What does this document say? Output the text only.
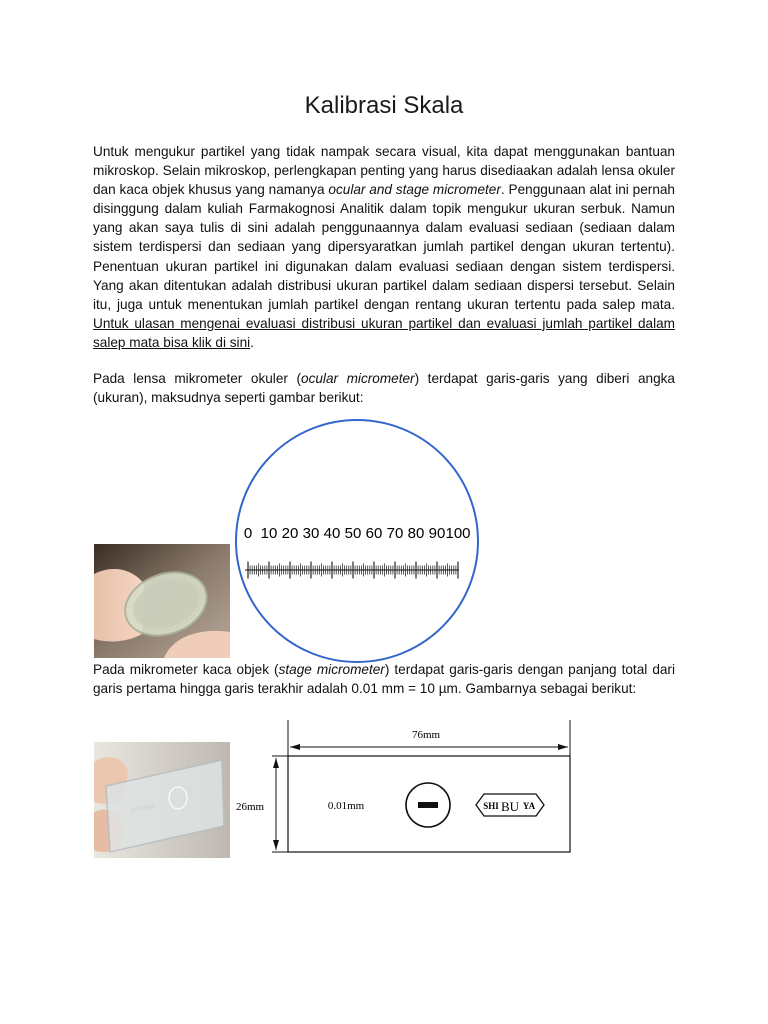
Kalibrasi Skala

Untuk mengukur partikel yang tidak nampak secara visual, kita dapat menggunakan bantuan mikroskop. Selain mikroskop, perlengkapan penting yang harus disediaakan adalah lensa okuler dan kaca objek khusus yang namanya ocular and stage micrometer. Penggunaan alat ini pernah disinggung dalam kuliah Farmakognosi Analitik dalam topik mengukur ukuran serbuk. Namun yang akan saya tulis di sini adalah penggunaannya dalam evaluasi sediaan (sediaan dalam sistem terdispersi dan sediaan yang dipersyaratkan jumlah partikel dengan ukuran tertentu). Penentuan ukuran partikel ini digunakan dalam evaluasi sediaan dengan sistem terdispersi. Yang akan ditentukan adalah distribusi ukuran partikel dalam sediaan dispersi tersebut. Selain itu, juga untuk menentukan jumlah partikel dengan rentang ukuran tertentu pada salep mata. Untuk ulasan mengenai evaluasi distribusi ukuran partikel dan evaluasi jumlah partikel dalam salep mata bisa klik di sini.

Pada lensa mikrometer okuler (ocular micrometer) terdapat garis-garis yang diberi angka (ukuran), maksudnya seperti gambar berikut:

0 10 20 30 40 50 60 70 80 90 100

Pada mikrometer kaca objek (stage micrometer) terdapat garis-garis dengan panjang total dari garis pertama hingga garis terakhir adalah 0.01 mm = 10 µm. Gambarnya sebagai berikut:

0.01mm
76mm
26mm	0.01mm	SHI BU YA
